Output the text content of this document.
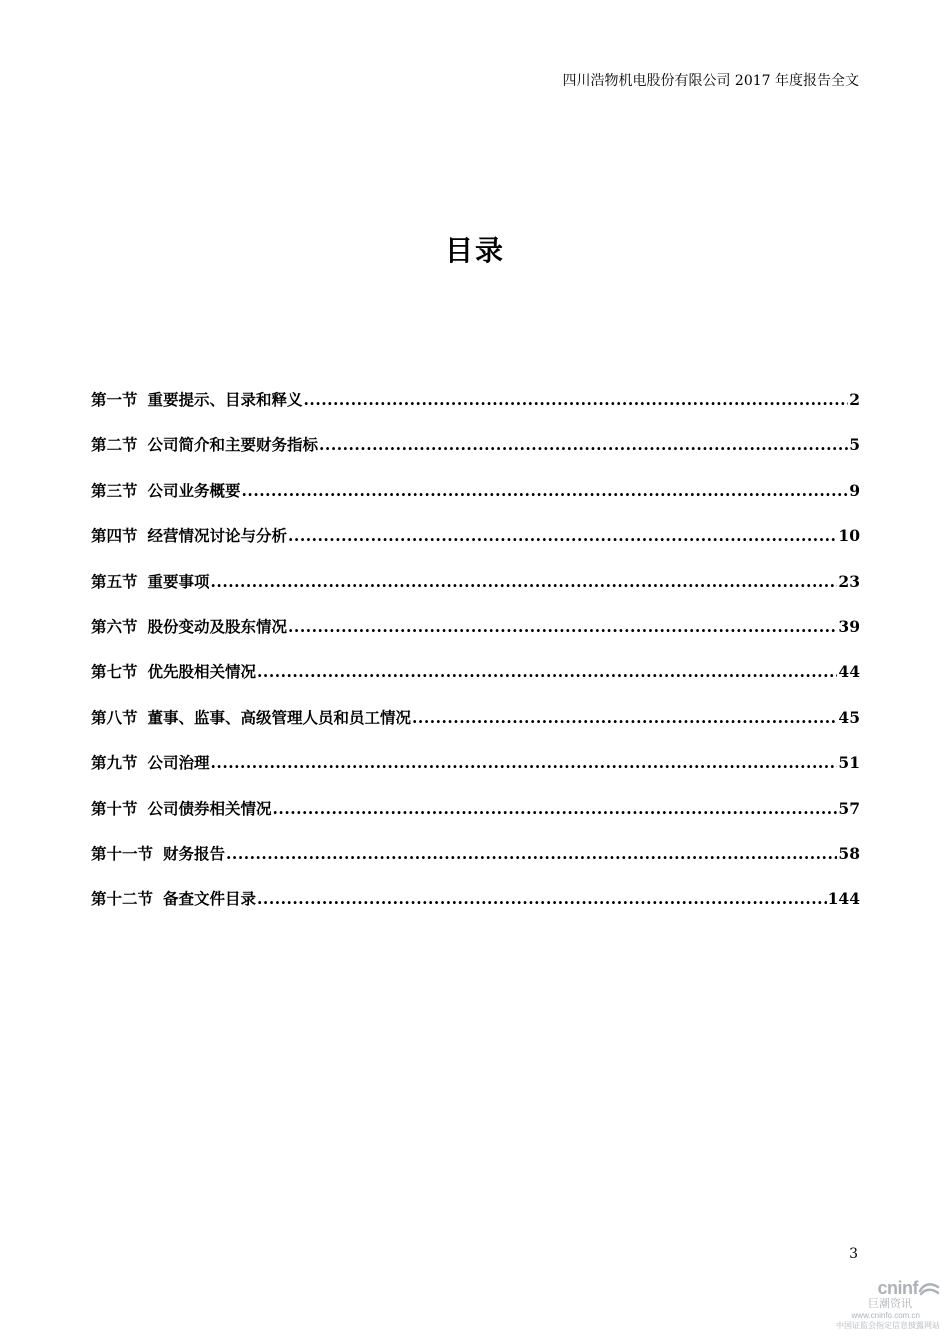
四川浩物机电股份有限公司 2017 年度报告全文
目录
第一节 重要提示、目录和释义 .....	2
第二节 公司简介和主要财务指标 .....	5
第三节 公司业务概要 .....	9
第四节 经营情况讨论与分析 .....	10
第五节 重要事项 .....	23
第六节 股份变动及股东情况 .....	39
第七节 优先股相关情况 .....	44
第八节 董事、监事、高级管理人员和员工情况 .....	45
第九节 公司治理 .....	51
第十节 公司债券相关情况 .....	57
第十一节 财务报告 .....	58
第十二节 备查文件目录 .....	144
3
cninf
巨潮资讯
www.cninfo.com.cn
中国证监会指定信息披露网站
